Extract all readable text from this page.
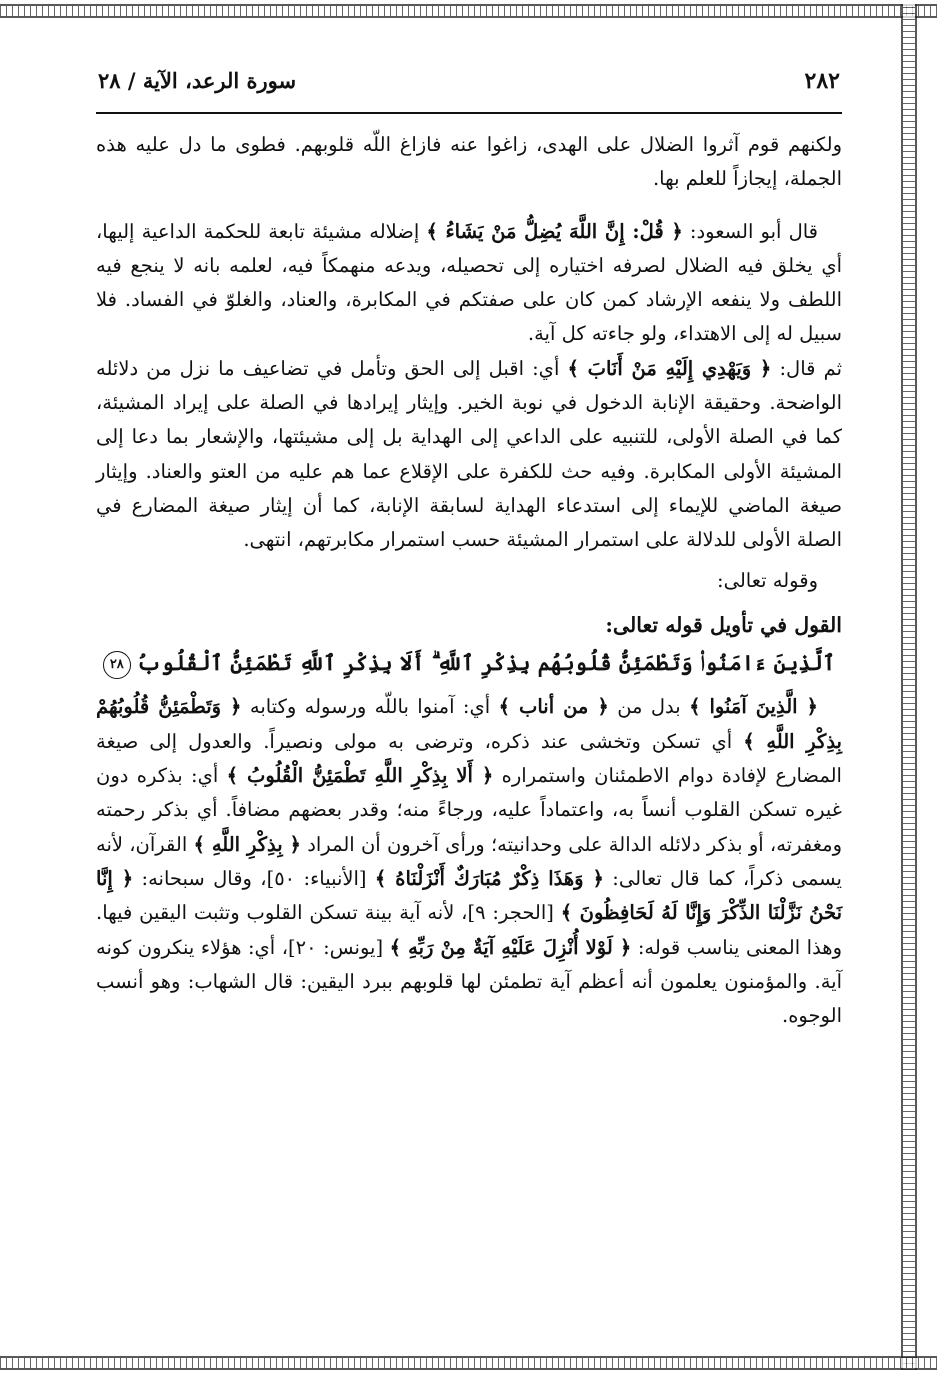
٢٨٢
سورة الرعد، الآية / ٢٨

ولكنهم قوم آثروا الضلال على الهدى، زاغوا عنه فازاغ اللّه قلوبهم. فطوى ما دل عليه هذه الجملة، إيجازاً للعلم بها.

قال أبو السعود: ﴿ قُلْ: إِنَّ اللَّهَ يُضِلُّ مَنْ يَشَاءُ ﴾ إضلاله مشيئة تابعة للحكمة الداعية إليها، أي يخلق فيه الضلال لصرفه اختياره إلى تحصيله، ويدعه منهمكاً فيه، لعلمه بانه لا ينجع فيه اللطف ولا ينفعه الإرشاد كمن كان على صفتكم في المكابرة، والعناد، والغلوّ في الفساد. فلا سبيل له إلى الاهتداء، ولو جاءته كل آية.

ثم قال: ﴿ وَيَهْدِي إِلَيْهِ مَنْ أَنَابَ ﴾ أي: اقبل إلى الحق وتأمل في تضاعيف ما نزل من دلائله الواضحة. وحقيقة الإنابة الدخول في نوبة الخير. وإيثار إيرادها في الصلة على إيراد المشيئة، كما في الصلة الأولى، للتنبيه على الداعي إلى الهداية بل إلى مشيئتها، والإشعار بما دعا إلى المشيئة الأولى المكابرة. وفيه حث للكفرة على الإقلاع عما هم عليه من العتو والعناد. وإيثار صيغة الماضي للإيماء إلى استدعاء الهداية لسابقة الإنابة، كما أن إيثار صيغة المضارع في الصلة الأولى للدلالة على استمرار المشيئة حسب استمرار مكابرتهم، انتهى.

وقوله تعالى:

القول في تأويل قوله تعالى:

ٱلَّذِينَ ءَامَنُوا۟ وَتَطْمَئِنُّ قُلُوبُهُم بِذِكْرِ ٱللَّهِ ۗ أَلَا بِذِكْرِ ٱللَّهِ تَطْمَئِنُّ ٱلْقُلُوبُ٢٨

﴿ الَّذِينَ آمَنُوا ﴾ بدل من ﴿ من أناب ﴾ أي: آمنوا باللّه ورسوله وكتابه ﴿ وَتَطْمَئِنُّ قُلُوبُهُمْ بِذِكْرِ اللَّهِ ﴾ أي تسكن وتخشى عند ذكره، وترضى به مولى ونصيراً. والعدول إلى صيغة المضارع لإفادة دوام الاطمئنان واستمراره ﴿ أَلا بِذِكْرِ اللَّهِ تَطْمَئِنُّ الْقُلُوبُ ﴾ أي: بذكره دون غيره تسكن القلوب أنساً به، واعتماداً عليه، ورجاءً منه؛ وقدر بعضهم مضافاً. أي بذكر رحمته ومغفرته، أو بذكر دلائله الدالة على وحدانيته؛ ورأى آخرون أن المراد ﴿ بِذِكْرِ اللَّهِ ﴾ القرآن، لأنه يسمى ذكراً، كما قال تعالى: ﴿ وَهَذَا ذِكْرٌ مُبَارَكٌ أَنْزَلْنَاهُ ﴾ [الأنبياء: ٥٠]، وقال سبحانه: ﴿ إِنَّا نَحْنُ نَزَّلْنَا الذِّكْرَ وَإِنَّا لَهُ لَحَافِظُونَ ﴾ [الحجر: ٩]، لأنه آية بينة تسكن القلوب وتثبت اليقين فيها. وهذا المعنى يناسب قوله: ﴿ لَوْلا أُنْزِلَ عَلَيْهِ آيَةٌ مِنْ رَبِّهِ ﴾ [يونس: ٢٠]، أي: هؤلاء ينكرون كونه آية. والمؤمنون يعلمون أنه أعظم آية تطمئن لها قلوبهم ببرد اليقين: قال الشهاب: وهو أنسب الوجوه.
